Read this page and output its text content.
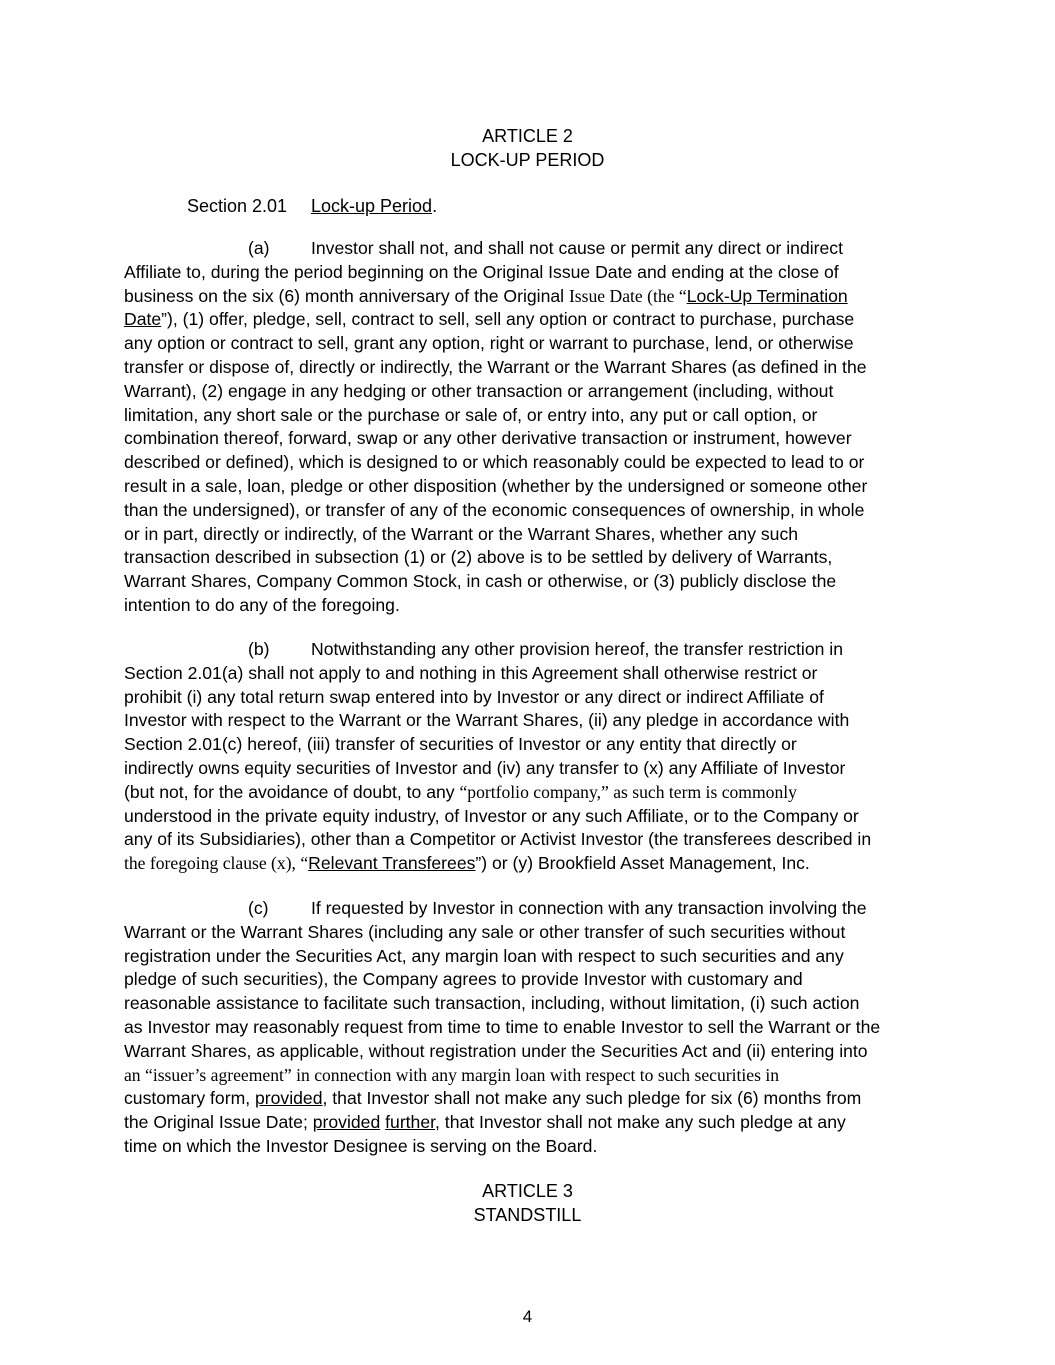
ARTICLE 2
LOCK-UP PERIOD
Section 2.01 Lock-up Period.
(a) Investor shall not, and shall not cause or permit any direct or indirect
Affiliate to, during the period beginning on the Original Issue Date and ending at the close of
business on the six (6) month anniversary of the Original Issue Date (the “Lock-Up Termination
Date”), (1) offer, pledge, sell, contract to sell, sell any option or contract to purchase, purchase
any option or contract to sell, grant any option, right or warrant to purchase, lend, or otherwise
transfer or dispose of, directly or indirectly, the Warrant or the Warrant Shares (as defined in the
Warrant), (2) engage in any hedging or other transaction or arrangement (including, without
limitation, any short sale or the purchase or sale of, or entry into, any put or call option, or
combination thereof, forward, swap or any other derivative transaction or instrument, however
described or defined), which is designed to or which reasonably could be expected to lead to or
result in a sale, loan, pledge or other disposition (whether by the undersigned or someone other
than the undersigned), or transfer of any of the economic consequences of ownership, in whole
or in part, directly or indirectly, of the Warrant or the Warrant Shares, whether any such
transaction described in subsection (1) or (2) above is to be settled by delivery of Warrants,
Warrant Shares, Company Common Stock, in cash or otherwise, or (3) publicly disclose the
intention to do any of the foregoing.
(b) Notwithstanding any other provision hereof, the transfer restriction in
Section 2.01(a) shall not apply to and nothing in this Agreement shall otherwise restrict or
prohibit (i) any total return swap entered into by Investor or any direct or indirect Affiliate of
Investor with respect to the Warrant or the Warrant Shares, (ii) any pledge in accordance with
Section 2.01(c) hereof, (iii) transfer of securities of Investor or any entity that directly or
indirectly owns equity securities of Investor and (iv) any transfer to (x) any Affiliate of Investor
(but not, for the avoidance of doubt, to any “portfolio company,” as such term is commonly
understood in the private equity industry, of Investor or any such Affiliate, or to the Company or
any of its Subsidiaries), other than a Competitor or Activist Investor (the transferees described in
the foregoing clause (x), “Relevant Transferees”) or (y) Brookfield Asset Management, Inc.
(c) If requested by Investor in connection with any transaction involving the
Warrant or the Warrant Shares (including any sale or other transfer of such securities without
registration under the Securities Act, any margin loan with respect to such securities and any
pledge of such securities), the Company agrees to provide Investor with customary and
reasonable assistance to facilitate such transaction, including, without limitation, (i) such action
as Investor may reasonably request from time to time to enable Investor to sell the Warrant or the
Warrant Shares, as applicable, without registration under the Securities Act and (ii) entering into
an “issuer’s agreement” in connection with any margin loan with respect to such securities in
customary form, provided, that Investor shall not make any such pledge for six (6) months from
the Original Issue Date; provided further, that Investor shall not make any such pledge at any
time on which the Investor Designee is serving on the Board.
ARTICLE 3
STANDSTILL
4
